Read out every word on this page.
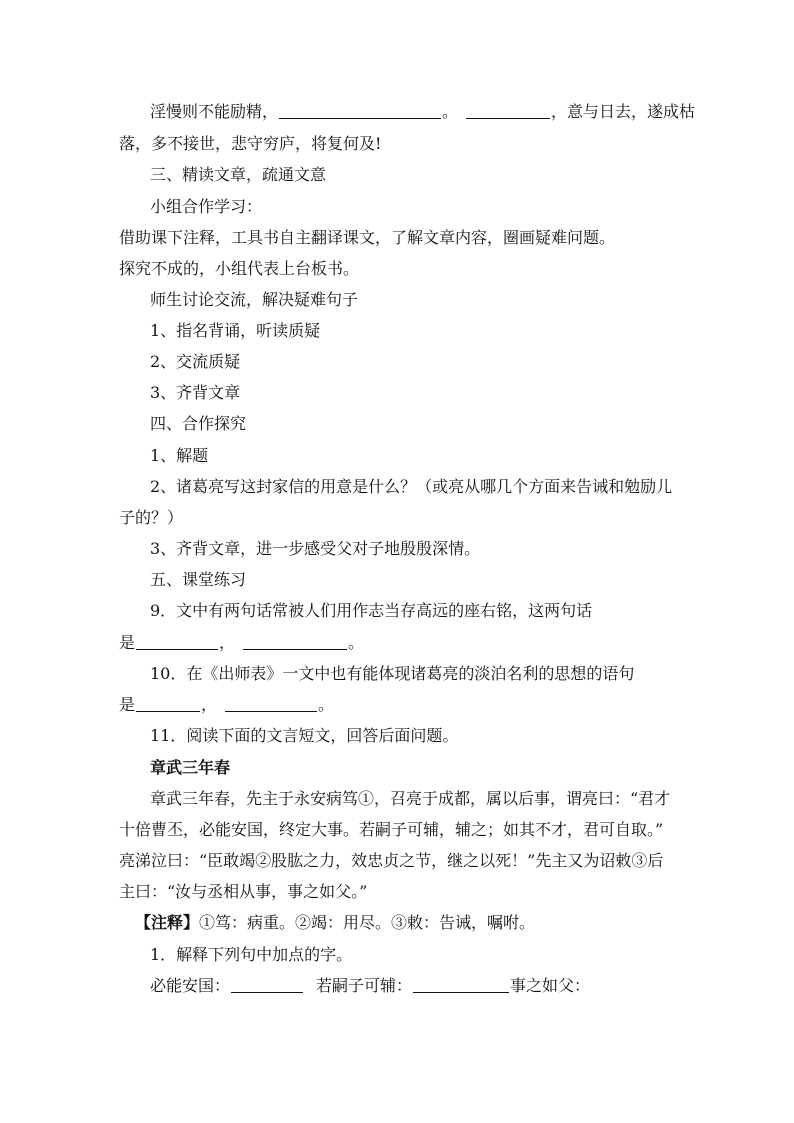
淫慢则不能励精，	。	，意与日去，遂成枯
落，多不接世，悲守穷庐，将复何及!
三、精读文章，疏通文意
小组合作学习：
借助课下注释，工具书自主翻译课文，了解文章内容，圈画疑难问题。
探究不成的，小组代表上台板书。
师生讨论交流，解决疑难句子
1、指名背诵，听读质疑
2、交流质疑
3、齐背文章
四、合作探究
1、解题
2、诸葛亮写这封家信的用意是什么？（或亮从哪几个方面来告诫和勉励儿
子的？）
3、齐背文章，进一步感受父对子地殷殷深情。
五、课堂练习
9．文中有两句话常被人们用作志当存高远的座右铭，这两句话
是	，	。
10．在《出师表》一文中也有能体现诸葛亮的淡泊名利的思想的语句
是	，	。
11．阅读下面的文言短文，回答后面问题。
章武三年春
章武三年春，先主于永安病笃①，召亮于成都，属以后事，谓亮曰：“君才
十倍曹丕，必能安国，终定大事。若嗣子可辅，辅之；如其不才，君可自取。”
亮涕泣曰：“臣敢竭②股肱之力，效忠贞之节，继之以死！”先主又为诏敕③后
主曰：“汝与丞相从事，事之如父。”
【注释】①笃：病重。②竭：用尽。③敕：告诫，嘱咐。
1．解释下列句中加点的字。
必能安国：	若嗣子可辅：	事之如父：
